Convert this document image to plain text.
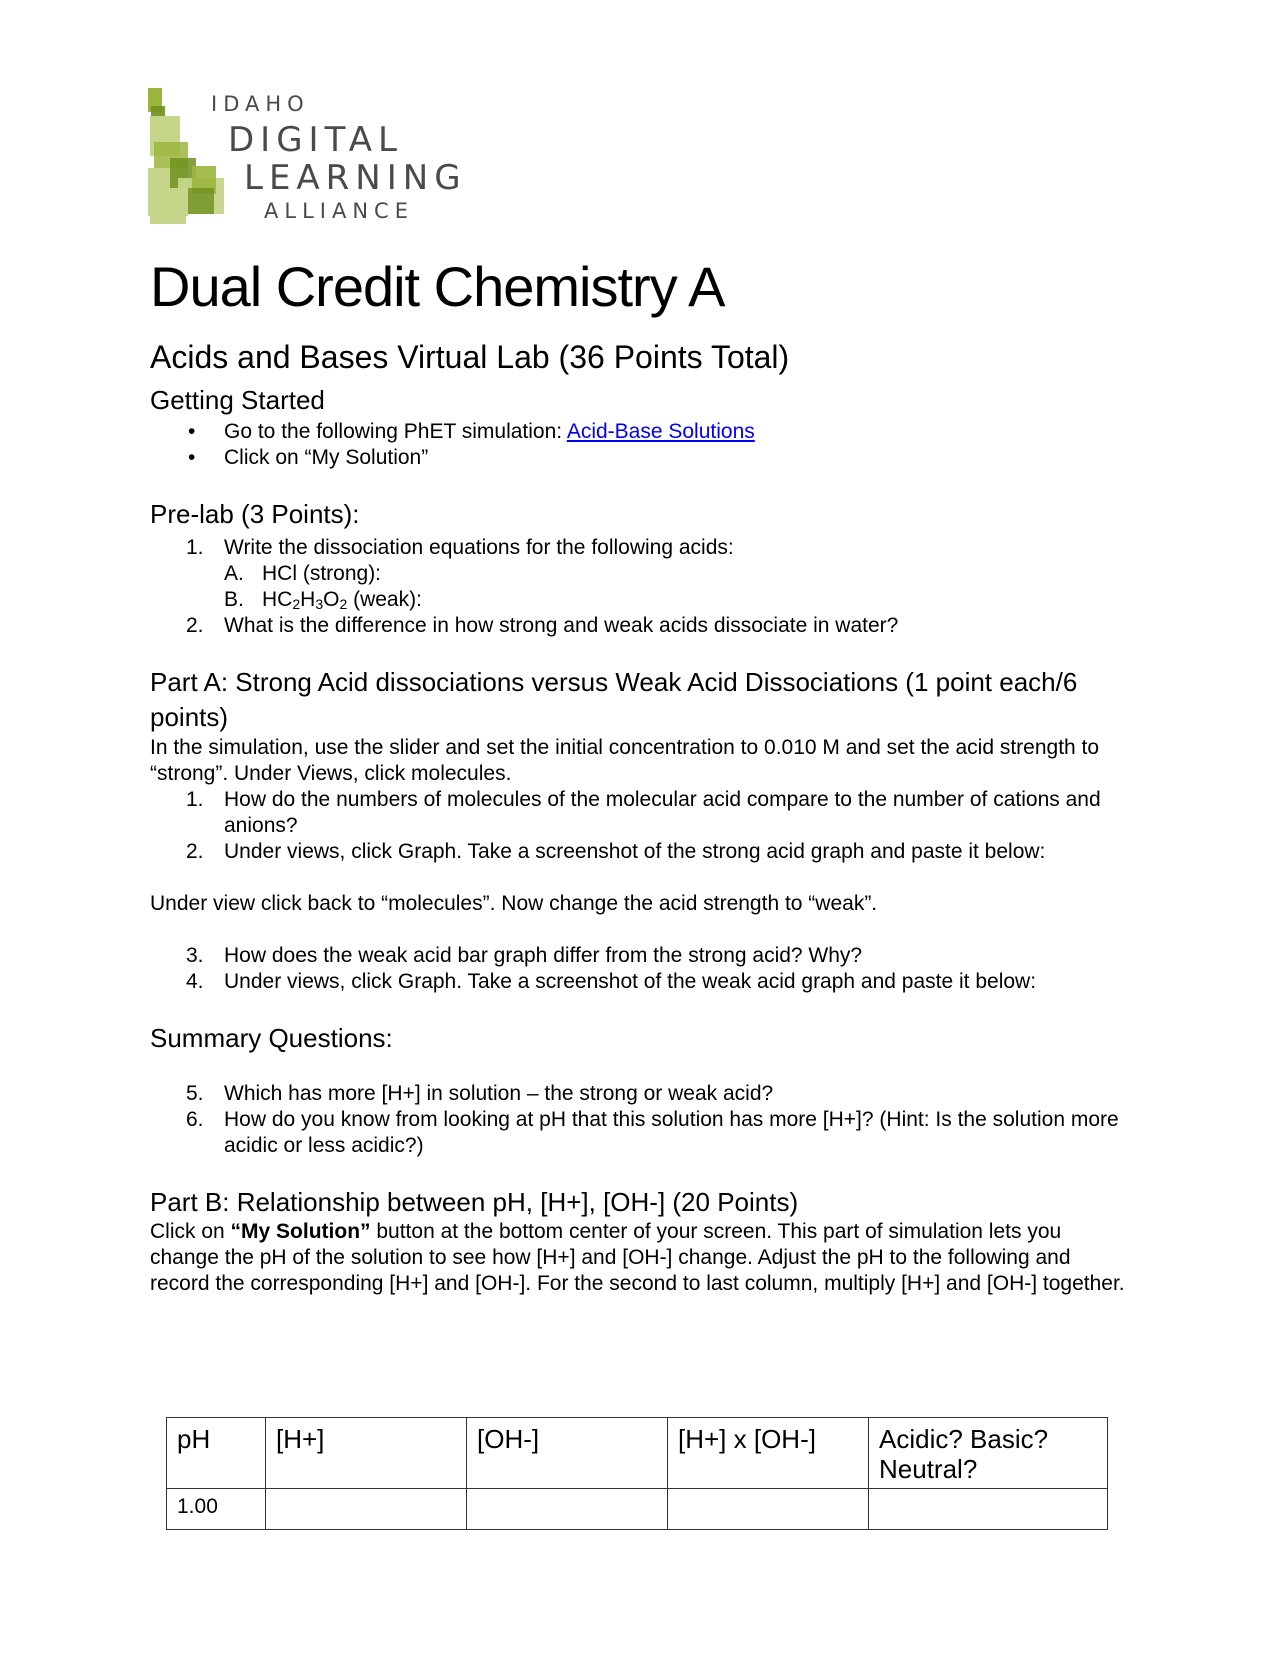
IDAHO
DIGITAL
LEARNING
ALLIANCE
Dual Credit Chemistry A
Acids and Bases Virtual Lab (36 Points Total)
Getting Started
• Go to the following PhET simulation: Acid-Base Solutions
• Click on “My Solution”
Pre-lab (3 Points):
1. Write the dissociation equations for the following acids:
A. HCl (strong):
B. $HC_2H_3O_2$ (weak):
2. What is the difference in how strong and weak acids dissociate in water?
Part A: Strong Acid dissociations versus Weak Acid Dissociations (1 point each/6 points)

In the simulation, use the slider and set the initial concentration to 0.010 M and set the acid strength to “strong”. Under Views, click molecules.

1. How do the numbers of molecules of the molecular acid compare to the number of cations and anions?
2. Under views, click Graph. Take a screenshot of the strong acid graph and paste it below:

Under view click back to “molecules”. Now change the acid strength to “weak”.

3. How does the weak acid bar graph differ from the strong acid? Why?
4. Under views, click Graph. Take a screenshot of the weak acid graph and paste it below:
Summary Questions:
5. Which has more [H+] in solution – the strong or weak acid?
6. How do you know from looking at pH that this solution has more [H+]? (Hint: Is the solution more acidic or less acidic?)
Part B: Relationship between pH, [H+], [OH-] (20 Points)

Click on “My Solution” button at the bottom center of your screen. This part of simulation lets you change the pH of the solution to see how [H+] and [OH-] change. Adjust the pH to the following and record the corresponding [H+] and [OH-]. For the second to last column, multiply [H+] and [OH-] together.

pH	[H+]	[OH-]	[H+] x [OH-]	Acidic? Basic? Neutral?
1.00				
